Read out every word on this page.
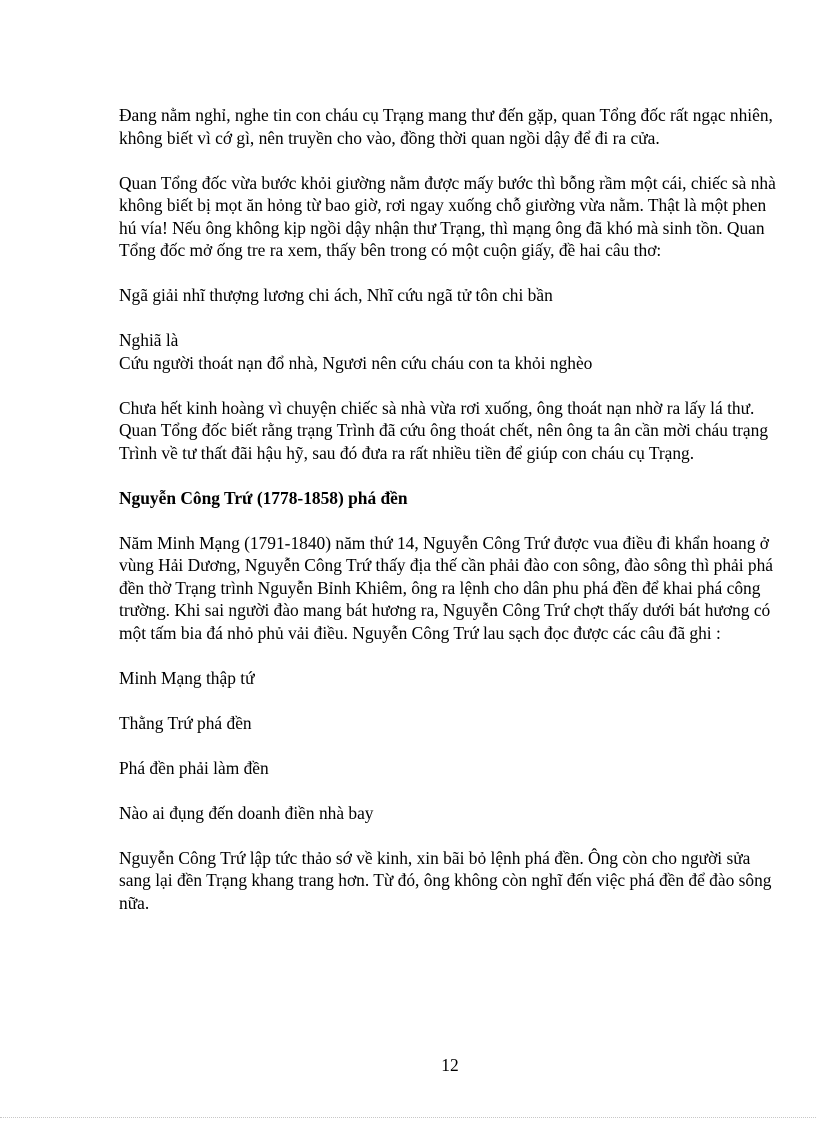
Đang nằm nghỉ, nghe tin con cháu cụ Trạng mang thư đến gặp, quan Tổng đốc rất ngạc nhiên, không biết vì cớ gì, nên truyền cho vào, đồng thời quan ngồi dậy để đi ra cửa.

Quan Tổng đốc vừa bước khỏi giường nằm được mấy bước thì bỗng rầm một cái, chiếc sà nhà không biết bị mọt ăn hỏng từ bao giờ, rơi ngay xuống chỗ giường vừa nằm. Thật là một phen hú vía! Nếu ông không kịp ngồi dậy nhận thư Trạng, thì mạng ông đã khó mà sinh tồn. Quan Tổng đốc mở ống tre ra xem, thấy bên trong có một cuộn giấy, đề hai câu thơ:

Ngã giải nhĩ thượng lương chi ách, Nhĩ cứu ngã tử tôn chi bần

Nghiã là

Cứu người thoát nạn đổ nhà, Ngươi nên cứu cháu con ta khỏi nghèo

Chưa hết kinh hoàng vì chuyện chiếc sà nhà vừa rơi xuống, ông thoát nạn nhờ ra lấy lá thư. Quan Tổng đốc biết rằng trạng Trình đã cứu ông thoát chết, nên ông ta ân cần mời cháu trạng Trình về tư thất đãi hậu hỹ, sau đó đưa ra rất nhiều tiền để giúp con cháu cụ Trạng.

Nguyễn Công Trứ (1778-1858) phá đền

Năm Minh Mạng (1791-1840) năm thứ 14, Nguyễn Công Trứ được vua điều đi khẩn hoang ở vùng Hải Dương, Nguyễn Công Trứ thấy địa thế cần phải đào con sông, đào sông thì phải phá đền thờ Trạng trình Nguyễn Bỉnh Khiêm, ông ra lệnh cho dân phu phá đền để khai phá công trường. Khi sai người đào mang bát hương ra, Nguyễn Công Trứ chợt thấy dưới bát hương có một tấm bia đá nhỏ phủ vải điều. Nguyễn Công Trứ lau sạch đọc được các câu đã ghi :

Minh Mạng thập tứ

Thằng Trứ phá đền

Phá đền phải làm đền

Nào ai đụng đến doanh điền nhà bay

Nguyễn Công Trứ lập tức thảo sớ về kinh, xin bãi bỏ lệnh phá đền. Ông còn cho người sửa sang lại đền Trạng khang trang hơn. Từ đó, ông không còn nghĩ đến việc phá đền để đào sông nữa.

12
